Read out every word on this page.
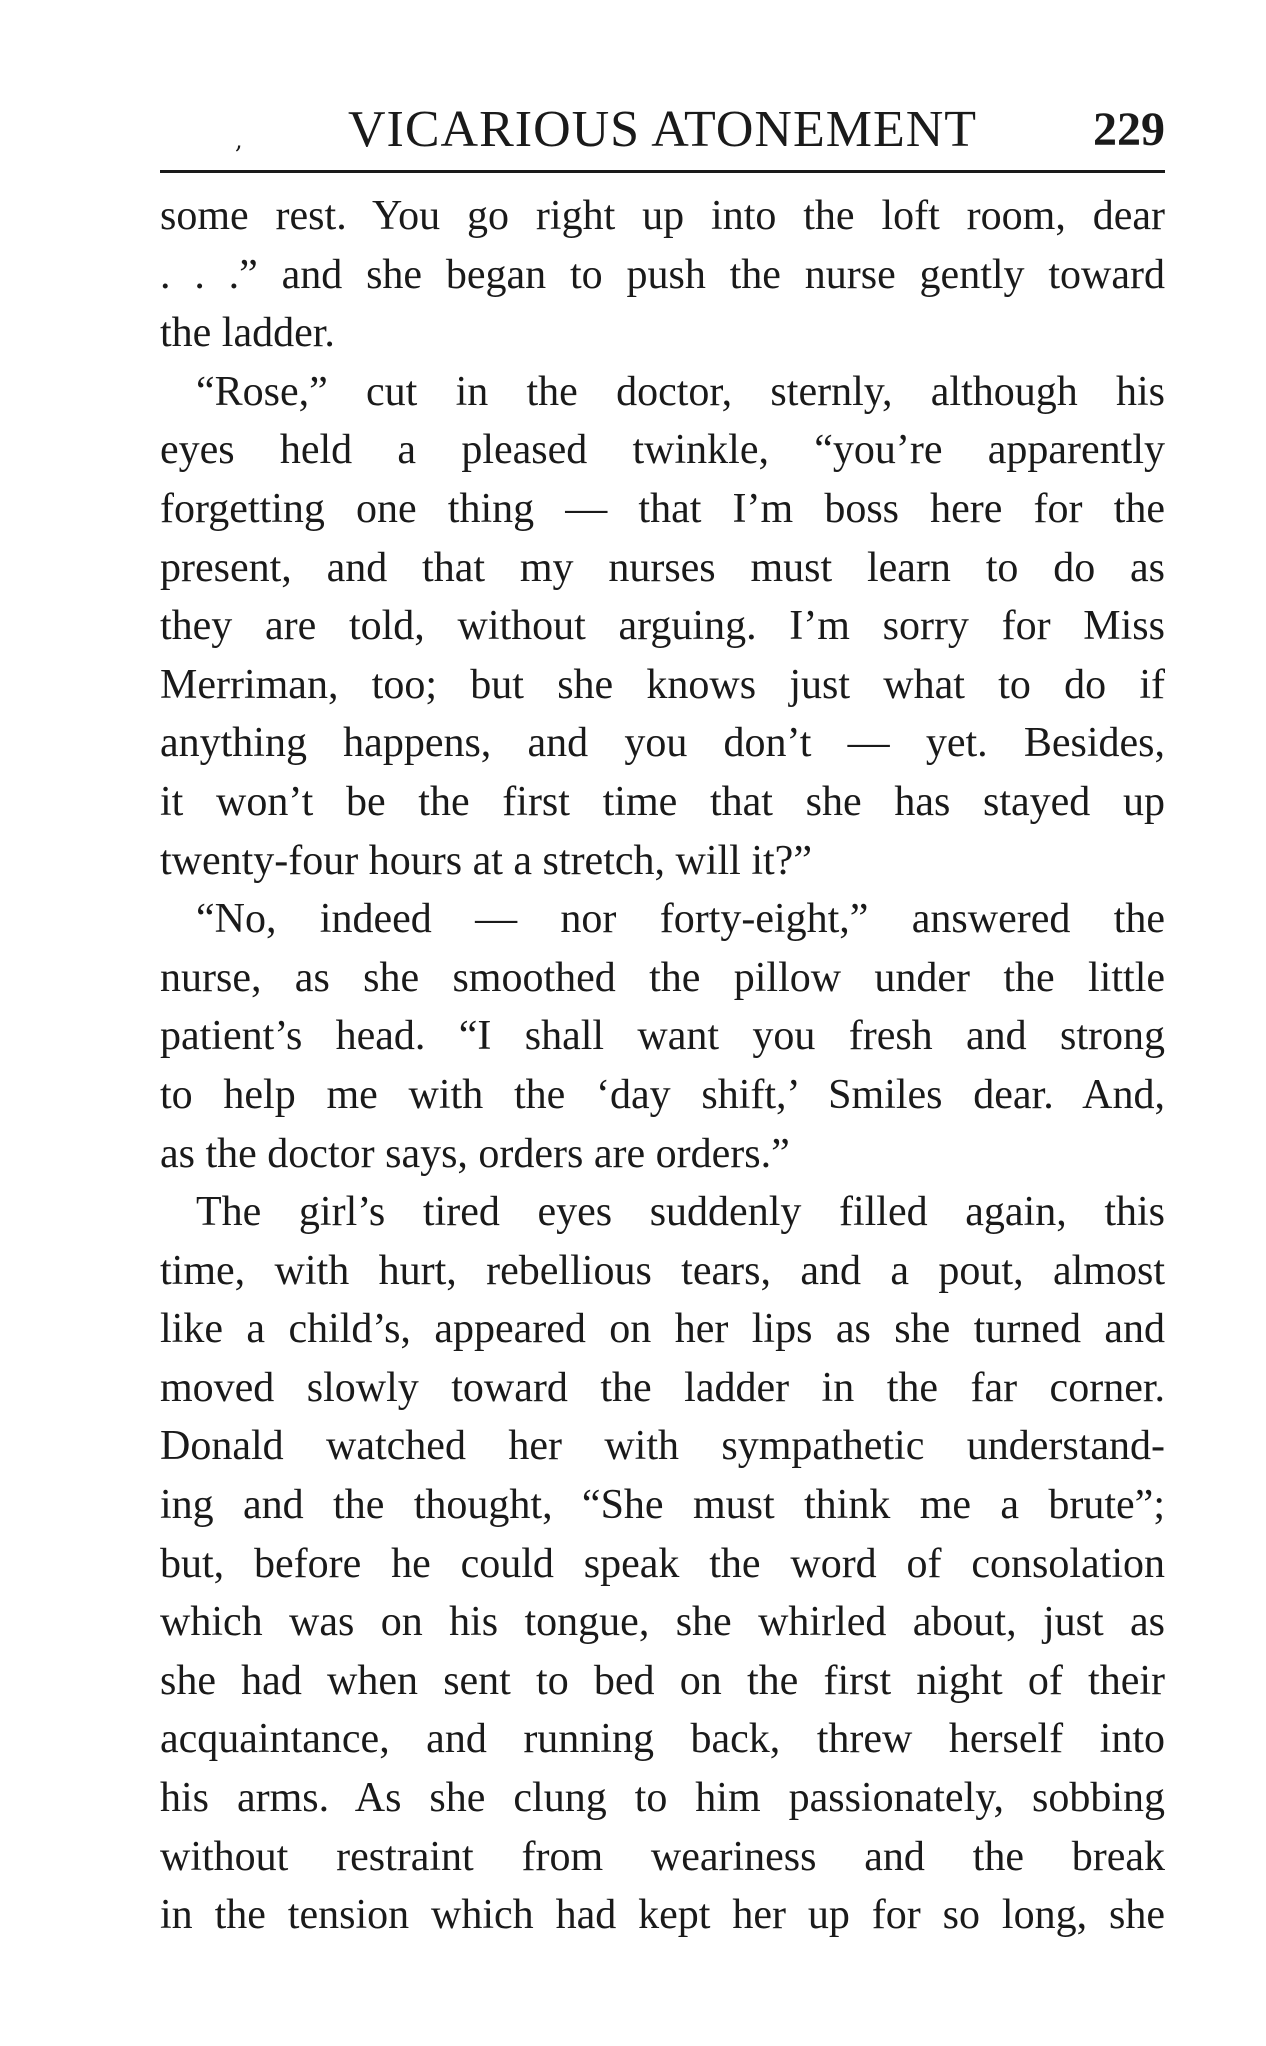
,	VICARIOUS ATONEMENT	229

some rest. You go right up into the loft room, dear
. . .” and she began to push the nurse gently toward
the ladder.

“Rose,” cut in the doctor, sternly, although his
eyes held a pleased twinkle, “you’re apparently
forgetting one thing — that I’m boss here for the
present, and that my nurses must learn to do as
they are told, without arguing. I’m sorry for Miss
Merriman, too; but she knows just what to do if
anything happens, and you don’t — yet. Besides,
it won’t be the first time that she has stayed up
twenty-four hours at a stretch, will it?”

“No, indeed — nor forty-eight,” answered the
nurse, as she smoothed the pillow under the little
patient’s head. “I shall want you fresh and strong
to help me with the ‘day shift,’ Smiles dear. And,
as the doctor says, orders are orders.”

The girl’s tired eyes suddenly filled again, this
time, with hurt, rebellious tears, and a pout, almost
like a child’s, appeared on her lips as she turned and
moved slowly toward the ladder in the far corner.
Donald watched her with sympathetic understand-
ing and the thought, “She must think me a brute”;
but, before he could speak the word of consolation
which was on his tongue, she whirled about, just as
she had when sent to bed on the first night of their
acquaintance, and running back, threw herself into
his arms. As she clung to him passionately, sobbing
without restraint from weariness and the break
in the tension which had kept her up for so long, she
